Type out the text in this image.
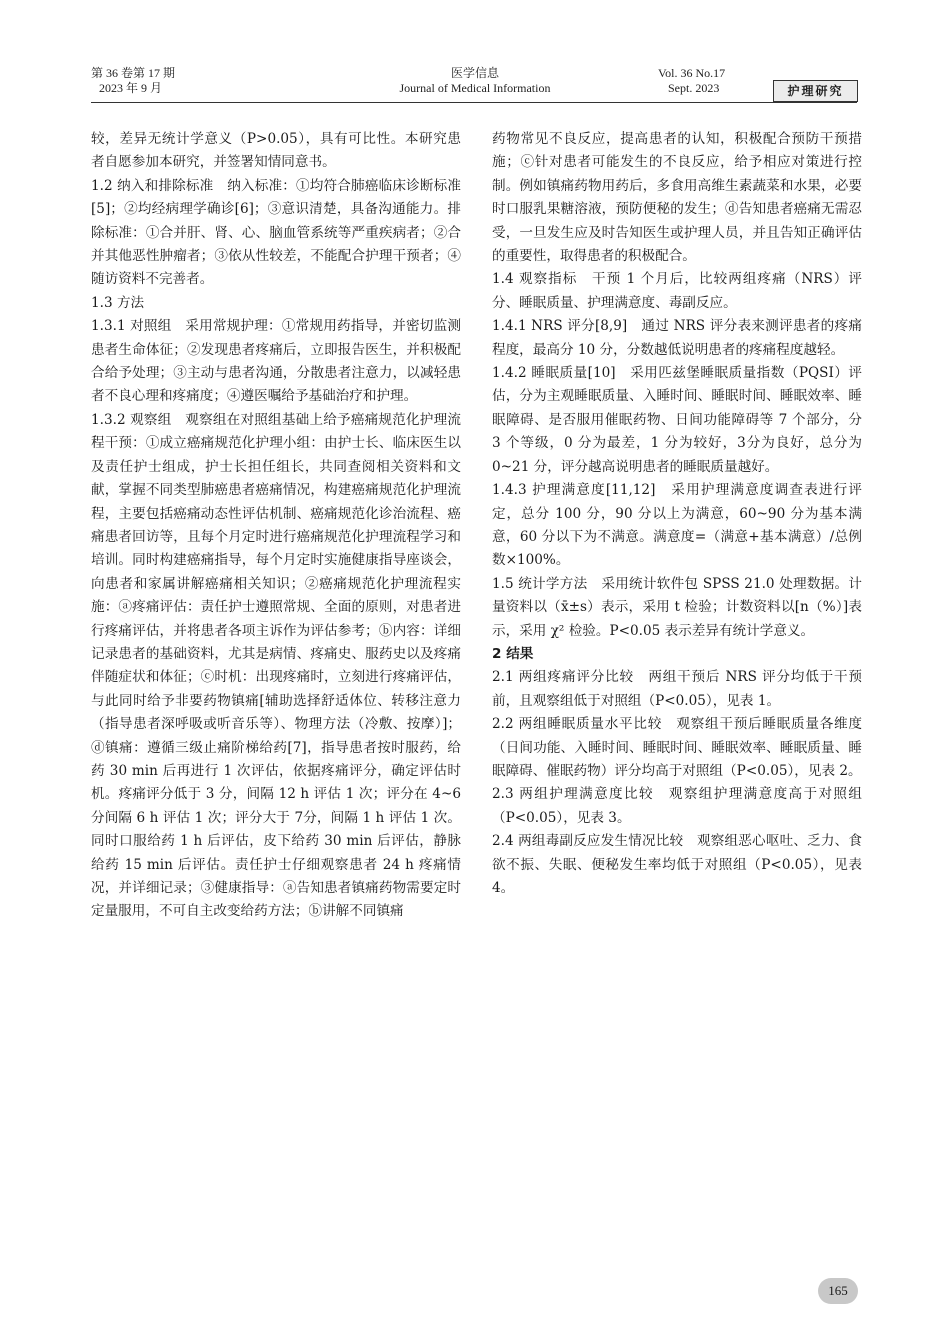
第 36 卷第 17 期
2023 年 9 月
医学信息
Journal of Medical Information
Vol. 36 No.17
Sept. 2023	护理研究

较，差异无统计学意义（P>0.05），具有可比性。本研究患者自愿参加本研究，并签署知情同意书。

1.2 纳入和排除标准　纳入标准：①均符合肺癌临床诊断标准[5]；②均经病理学确诊[6]；③意识清楚，具备沟通能力。排除标准：①合并肝、肾、心、脑血管系统等严重疾病者；②合并其他恶性肿瘤者；③依从性较差，不能配合护理干预者；④随访资料不完善者。

1.3 方法

1.3.1 对照组　采用常规护理：①常规用药指导，并密切监测患者生命体征；②发现患者疼痛后，立即报告医生，并积极配合给予处理；③主动与患者沟通，分散患者注意力，以减轻患者不良心理和疼痛度；④遵医嘱给予基础治疗和护理。

1.3.2 观察组　观察组在对照组基础上给予癌痛规范化护理流程干预：①成立癌痛规范化护理小组：由护士长、临床医生以及责任护士组成，护士长担任组长，共同查阅相关资料和文献，掌握不同类型肺癌患者癌痛情况，构建癌痛规范化护理流程，主要包括癌痛动态性评估机制、癌痛规范化诊治流程、癌痛患者回访等，且每个月定时进行癌痛规范化护理流程学习和培训。同时构建癌痛指导，每个月定时实施健康指导座谈会，向患者和家属讲解癌痛相关知识；②癌痛规范化护理流程实施：ⓐ疼痛评估：责任护士遵照常规、全面的原则，对患者进行疼痛评估，并将患者各项主诉作为评估参考；ⓑ内容：详细记录患者的基础资料，尤其是病情、疼痛史、服药史以及疼痛伴随症状和体征；ⓒ时机：出现疼痛时，立刻进行疼痛评估，与此同时给予非要药物镇痛[辅助选择舒适体位、转移注意力（指导患者深呼吸或听音乐等）、物理方法（冷敷、按摩）]；ⓓ镇痛：遵循三级止痛阶梯给药[7]，指导患者按时服药，给药 30 min 后再进行 1 次评估，依据疼痛评分，确定评估时机。疼痛评分低于 3 分，间隔 12 h 评估 1 次；评分在 4~6 分间隔 6 h 评估 1 次；评分大于 7分，间隔 1 h 评估 1 次。同时口服给药 1 h 后评估，皮下给药 30 min 后评估，静脉给药 15 min 后评估。责任护士仔细观察患者 24 h 疼痛情况，并详细记录；③健康指导：ⓐ告知患者镇痛药物需要定时定量服用，不可自主改变给药方法；ⓑ讲解不同镇痛

药物常见不良反应，提高患者的认知，积极配合预防干预措施；ⓒ针对患者可能发生的不良反应，给予相应对策进行控制。例如镇痛药物用药后，多食用高维生素蔬菜和水果，必要时口服乳果糖溶液，预防便秘的发生；ⓓ告知患者癌痛无需忍受，一旦发生应及时告知医生或护理人员，并且告知正确评估的重要性，取得患者的积极配合。

1.4 观察指标　干预 1 个月后，比较两组疼痛（NRS）评分、睡眠质量、护理满意度、毒副反应。

1.4.1 NRS 评分[8,9]　通过 NRS 评分表来测评患者的疼痛程度，最高分 10 分，分数越低说明患者的疼痛程度越轻。

1.4.2 睡眠质量[10]　采用匹兹堡睡眠质量指数（PQSI）评估，分为主观睡眠质量、入睡时间、睡眠时间、睡眠效率、睡眠障碍、是否服用催眠药物、日间功能障碍等 7 个部分，分 3 个等级，0 分为最差，1 分为较好，3分为良好，总分为 0~21 分，评分越高说明患者的睡眠质量越好。

1.4.3 护理满意度[11,12]　采用护理满意度调查表进行评定，总分 100 分，90 分以上为满意，60~90 分为基本满意，60 分以下为不满意。满意度=（满意+基本满意）/总例数×100%。

1.5 统计学方法　采用统计软件包 SPSS 21.0 处理数据。计量资料以（x̄±s）表示，采用 t 检验；计数资料以[n（%）]表示，采用 χ² 检验。P<0.05 表示差异有统计学意义。

2 结果

2.1 两组疼痛评分比较　两组干预后 NRS 评分均低于干预前，且观察组低于对照组（P<0.05），见表 1。

2.2 两组睡眠质量水平比较　观察组干预后睡眠质量各维度（日间功能、入睡时间、睡眠时间、睡眠效率、睡眠质量、睡眠障碍、催眠药物）评分均高于对照组（P<0.05），见表 2。

2.3 两组护理满意度比较　观察组护理满意度高于对照组（P<0.05），见表 3。

2.4 两组毒副反应发生情况比较　观察组恶心呕吐、乏力、食欲不振、失眠、便秘发生率均低于对照组（P<0.05），见表 4。

165
